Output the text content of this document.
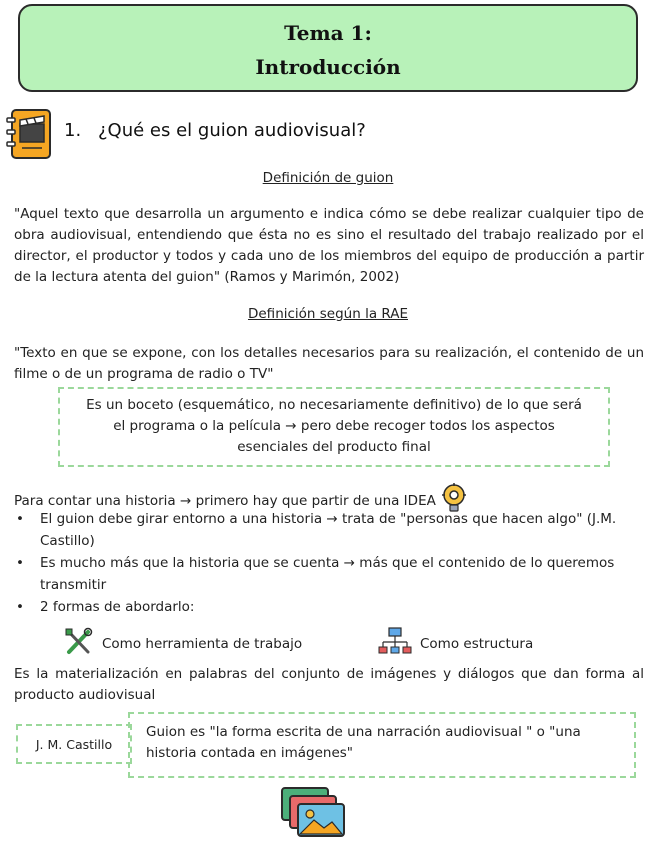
Tema 1:
Introducción
1. ¿Qué es el guion audiovisual?
Definición de guion
"Aquel texto que desarrolla un argumento e indica cómo se debe realizar cualquier tipo de obra audiovisual, entendiendo que ésta no es sino el resultado del trabajo realizado por el director, el productor y todos y cada uno de los miembros del equipo de producción a partir de la lectura atenta del guion" (Ramos y Marimón, 2002)
Definición según la RAE
"Texto en que se expone, con los detalles necesarios para su realización, el contenido de un filme o de un programa de radio o TV"
Es un boceto (esquemático, no necesariamente definitivo) de lo que será
el programa o la película → pero debe recoger todos los aspectos
esenciales del producto final
Para contar una historia → primero hay que partir de una IDEA
• El guion debe girar entorno a una historia → trata de "personas que hacen algo" (J.M. Castillo)
• Es mucho más que la historia que se cuenta → más que el contenido de lo queremos transmitir
• 2 formas de abordarlo:
Como herramienta de trabajo	Como estructura
Es la materialización en palabras del conjunto de imágenes y diálogos que dan forma al producto audiovisual
J. M. Castillo
Guion es "la forma escrita de una narración audiovisual " o "una historia contada en imágenes"
